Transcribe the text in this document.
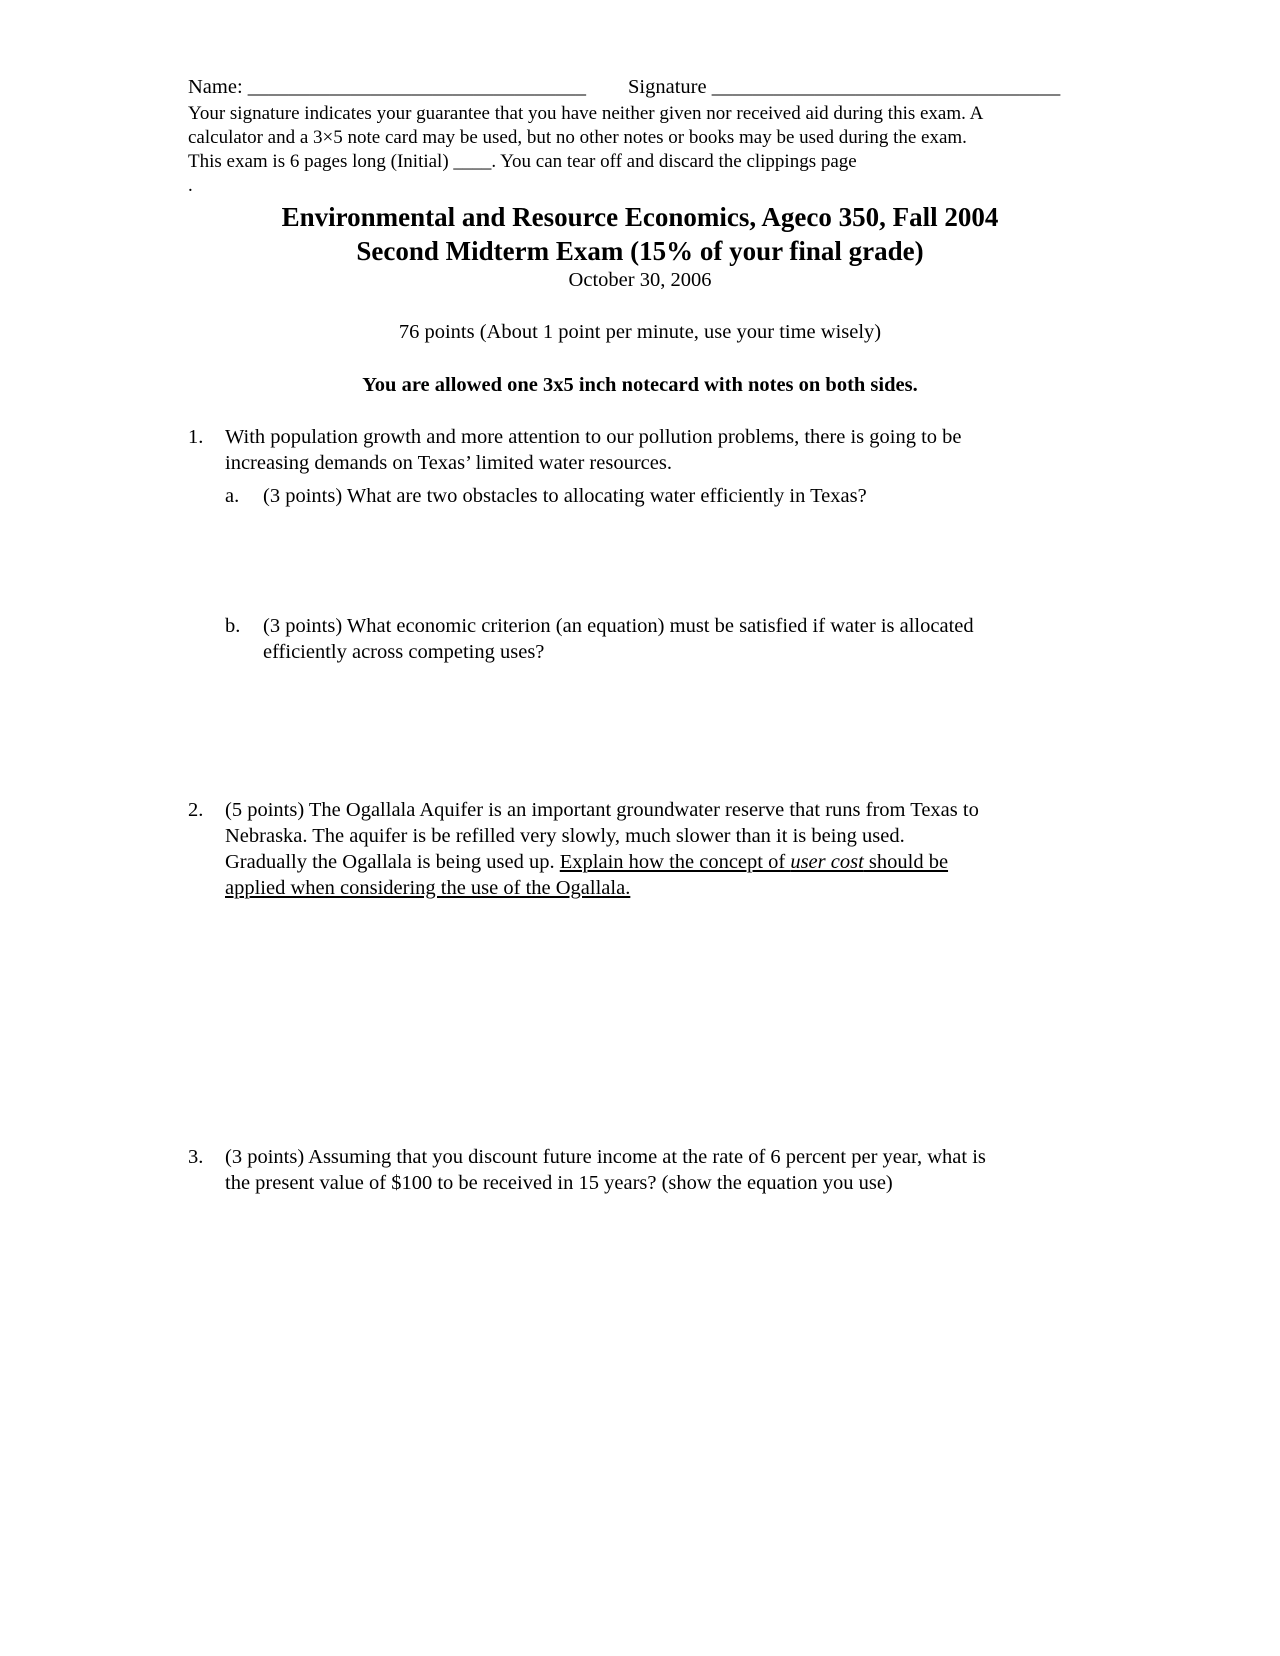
Name: _________________________________ Signature __________________________________
Your signature indicates your guarantee that you have neither given nor received aid during this exam. A
calculator and a 3×5 note card may be used, but no other notes or books may be used during the exam.
This exam is 6 pages long (Initial) ____. You can tear off and discard the clippings page
.
Environmental and Resource Economics, Ageco 350, Fall 2004
Second Midterm Exam (15% of your final grade)
October 30, 2006
76 points (About 1 point per minute, use your time wisely)
You are allowed one 3x5 inch notecard with notes on both sides.
1. With population growth and more attention to our pollution problems, there is going to be
increasing demands on Texas’ limited water resources.
a. (3 points) What are two obstacles to allocating water efficiently in Texas?
b. (3 points) What economic criterion (an equation) must be satisfied if water is allocated
efficiently across competing uses?
2. (5 points) The Ogallala Aquifer is an important groundwater reserve that runs from Texas to
Nebraska. The aquifer is be refilled very slowly, much slower than it is being used.
Gradually the Ogallala is being used up. Explain how the concept of user cost should be
applied when considering the use of the Ogallala.
3. (3 points) Assuming that you discount future income at the rate of 6 percent per year, what is
the present value of $100 to be received in 15 years? (show the equation you use)
